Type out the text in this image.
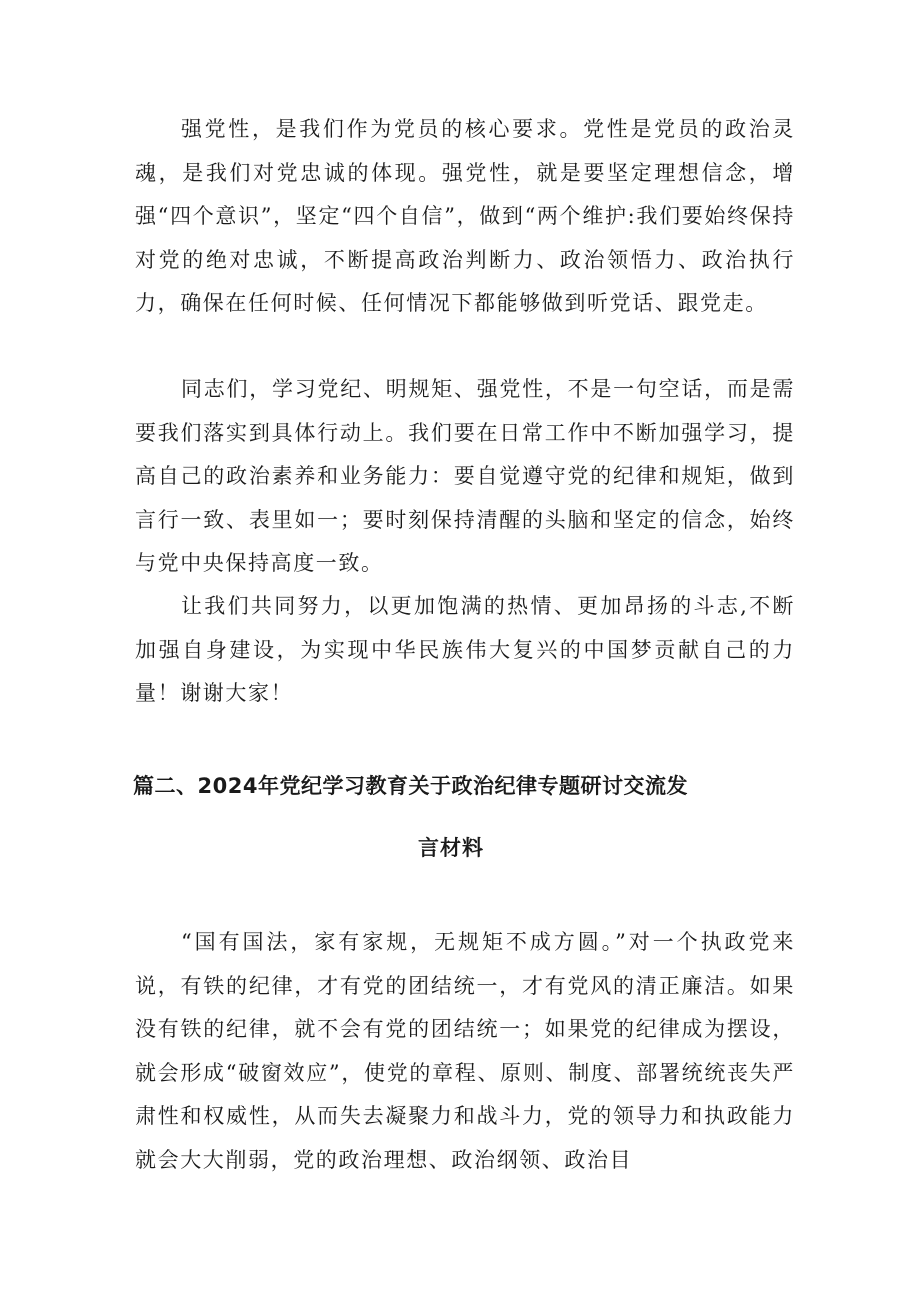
强党性，是我们作为党员的核心要求。党性是党员的政治灵魂，是我们对党忠诚的体现。强党性，就是要坚定理想信念，增强“四个意识”，坚定“四个自信”，做到“两个维护:我们要始终保持对党的绝对忠诚，不断提高政治判断力、政治领悟力、政治执行力，确保在任何时候、任何情况下都能够做到听党话、跟党走。

同志们，学习党纪、明规矩、强党性，不是一句空话，而是需要我们落实到具体行动上。我们要在日常工作中不断加强学习，提高自己的政治素养和业务能力：要自觉遵守党的纪律和规矩，做到言行一致、表里如一；要时刻保持清醒的头脑和坚定的信念，始终与党中央保持高度一致。

让我们共同努力，以更加饱满的热情、更加昂扬的斗志,不断加强自身建设，为实现中华民族伟大复兴的中国梦贡献自己的力量！谢谢大家！

篇二、2024年党纪学习教育关于政治纪律专题研讨交流发
言材料

“国有国法，家有家规，无规矩不成方圆。”对一个执政党来说，有铁的纪律，才有党的团结统一，才有党风的清正廉洁。如果没有铁的纪律，就不会有党的团结统一；如果党的纪律成为摆设，就会形成“破窗效应”，使党的章程、原则、制度、部署统统丧失严肃性和权威性，从而失去凝聚力和战斗力，党的领导力和执政能力就会大大削弱，党的政治理想、政治纲领、政治目
